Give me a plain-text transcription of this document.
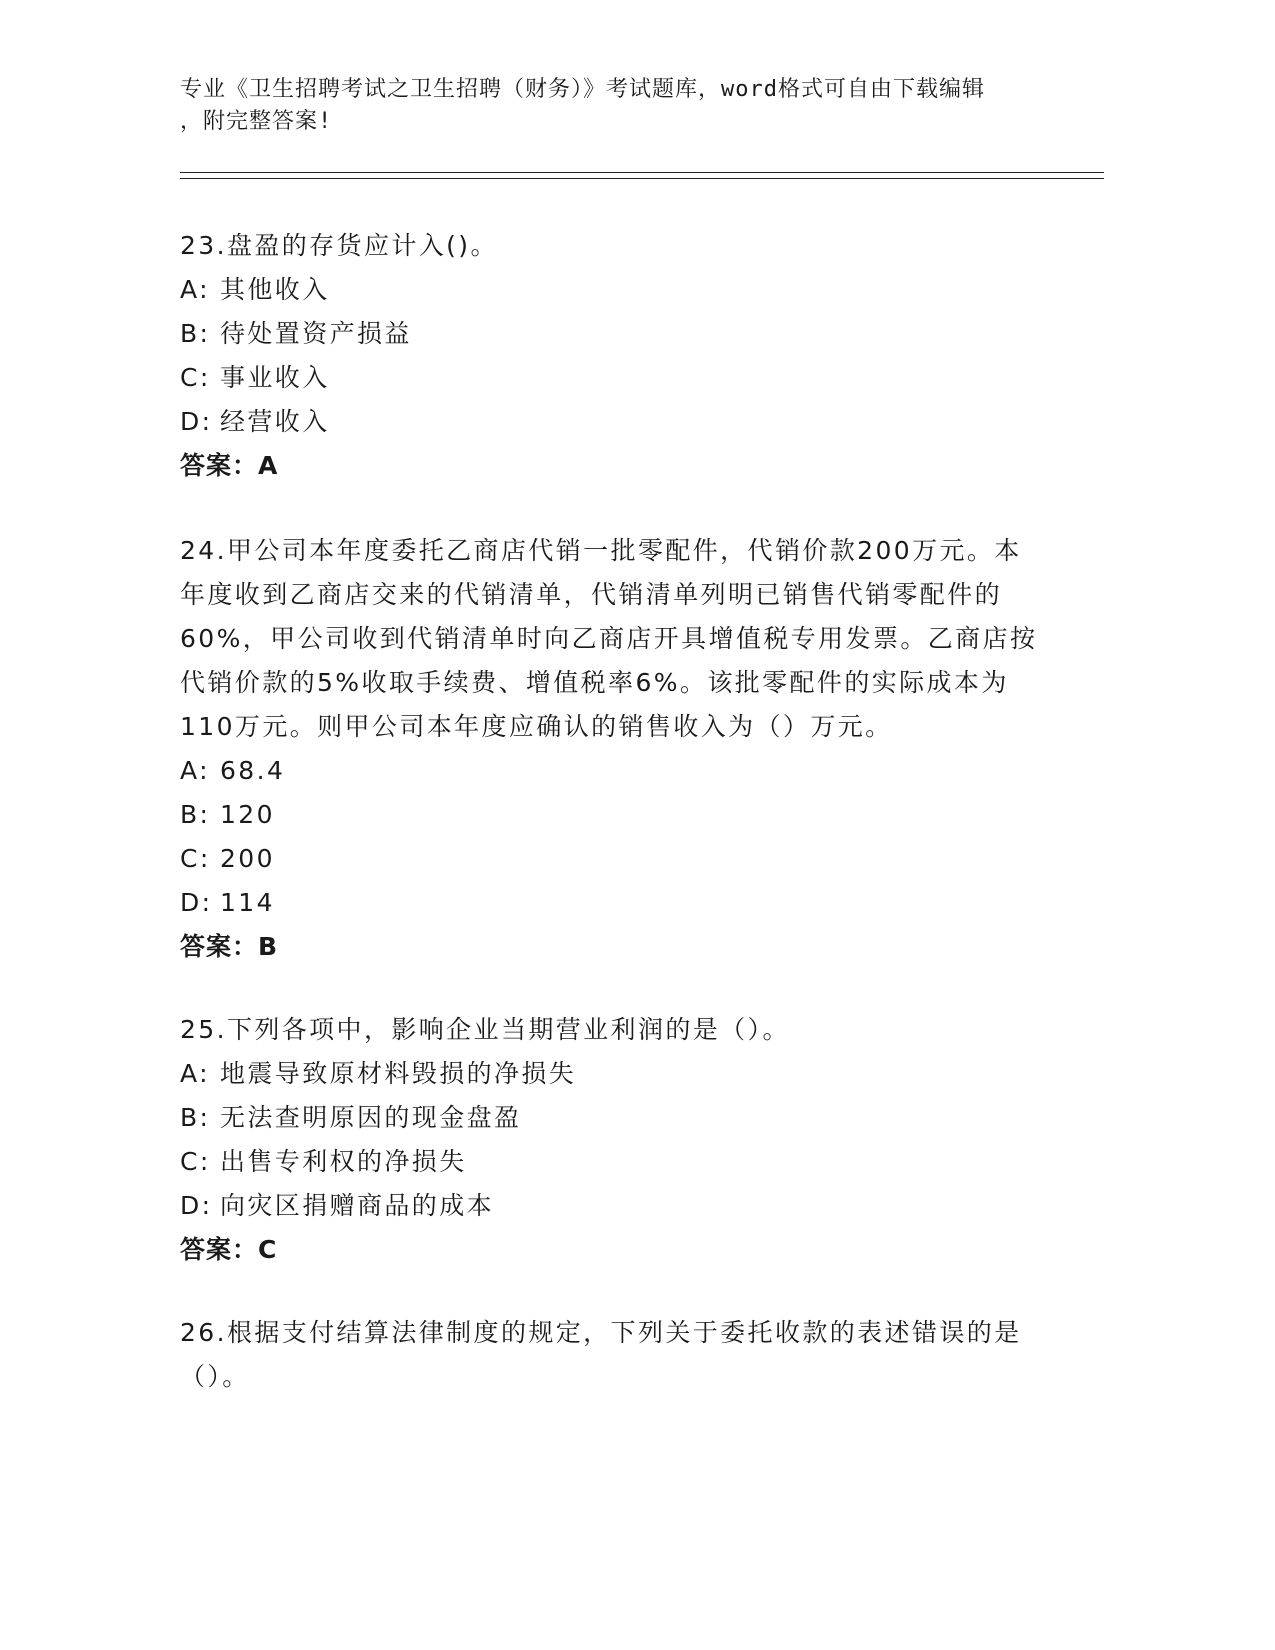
专业《卫生招聘考试之卫生招聘（财务）》考试题库，word格式可自由下载编辑
，附完整答案!
23.盘盈的存货应计入()。
A: 其他收入
B: 待处置资产损益
C: 事业收入
D: 经营收入
答案：A
24.甲公司本年度委托乙商店代销一批零配件，代销价款200万元。本
年度收到乙商店交来的代销清单，代销清单列明已销售代销零配件的
60%，甲公司收到代销清单时向乙商店开具增值税专用发票。乙商店按
代销价款的5%收取手续费、增值税率6%。该批零配件的实际成本为
110万元。则甲公司本年度应确认的销售收入为（）万元。
A: 68.4
B: 120
C: 200
D: 114
答案：B
25.下列各项中，影响企业当期营业利润的是（）。
A: 地震导致原材料毁损的净损失
B: 无法查明原因的现金盘盈
C: 出售专利权的净损失
D: 向灾区捐赠商品的成本
答案：C
26.根据支付结算法律制度的规定，下列关于委托收款的表述错误的是
（）。
